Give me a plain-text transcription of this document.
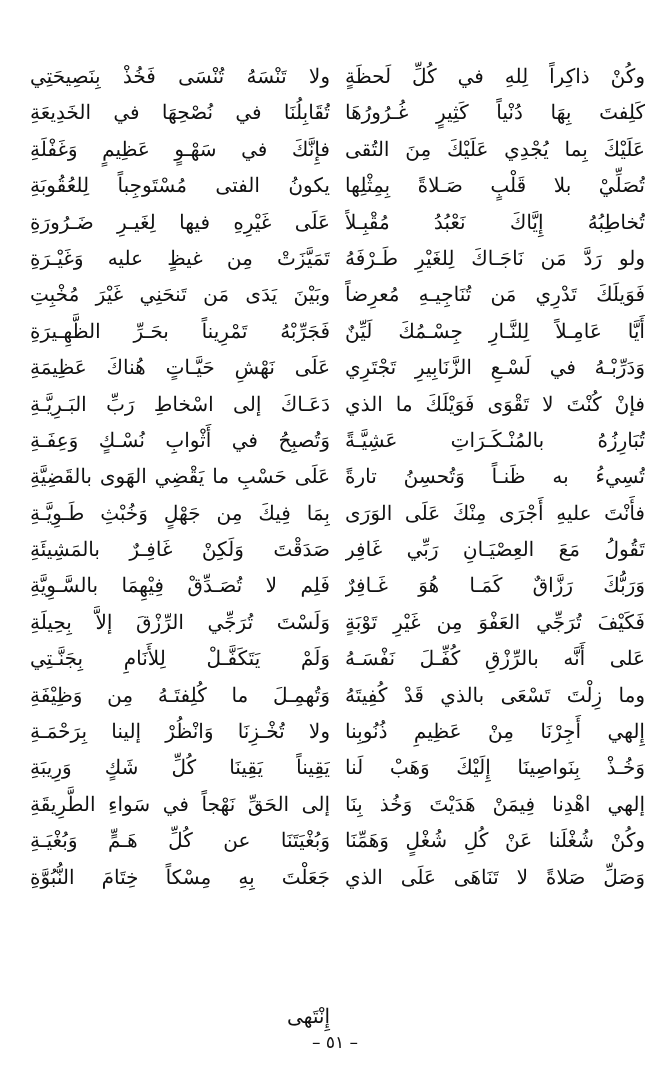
وكُنْ ذاكِراً لِلهِ في كُلِّ لَحظَةٍ
كَلِفتَ بِهَا دُنْياً كَثِيرٍ غُـرُورُهَا
عَلَيْكَ بِما يُجْدِي عَلَيْكَ مِنَ التُقى
تُصَلِّيْ بلا قَلْبٍ صَـلاةً بِمِثْلِها
تُخاطِبُهُ إِيَّاكَ نَعْبُدُ مُقْبِـلاً
ولو رَدَّ مَن نَاجَـاكَ لِلغَيْرِ طَـرْفَهُ
فَوَيلَكَ تَدْرِي مَن تُنَاجِيـهِ مُعرِضاً
أَيَّا عَامِـلاً لِلنَّـارِ جِسْـمُكَ لَيِّنٌ
وَدَرِّبْـهُ في لَسْـعِ الزَّنَابِيرِ تَجْتَرِي
فإنْ كُنْتَ لا تَقْوَى فَوَيْلَكَ ما الذي
تُبَارِزُهُ بالمُنْـكَـرَاتِ عَشِيَّـةً
تُسِيءُ به ظَنـاً وَتُحسِنُ تارةً
فأَنْتَ عليهِ أَجْرَى مِنْكَ عَلَى الوَرَى
تَقُولُ مَعَ العِصْيَـانِ رَبِّي غَافِر
وَرَبُّكَ رَزَّاقٌ كَمَـا هُوَ غَـافِرٌ
فَكَيْفَ تُرَجِّي العَفْوَ مِن غَيْرِ تَوْبَةٍ
عَلى أَنَّه بالرِّزْقِ كُفِّـلَ نَفْسَـهُ
وما زِلْتَ تَسْعَى بالذي قَدْ كُفِيتَهُ
إِلهي أَجِرْنَا مِنْ عَظِيمِ ذُنُوبِنا
وَخُـذْ بِنَواصِينَا إِلَيْكَ وَهَبْ لَنا
إلهي اهْدِنا فِيمَنْ هَدَيْتَ وَخُذ بِنَا
وكُنْ شُغْلَنا عَنْ كُلِ شُغْلٍ وَهَمِّنَا
وَصَلِّ صَلاةً لا تَنَاهَى عَلَى الذي
ولا تَنْسَهُ تُنْسَى فَخُذْ بِنَصِيحَتِي
تُقَابِلُنَا في نُصْحِهَا في الخَدِيعَةِ
فإِنَّكَ في سَهْـوٍ عَظِيمٍ وَغَفْلَةِ
يكونُ الفتى مُسْتَوجِباً لِلعُقُوبَةِ
عَلَى غَيْرِهِ فيها لِغَيـرِ ضَـرُورَةِ
تَمَيَّزَتْ مِن غيظٍ عليه وَغَيْـرَةِ
وبَيْنَ يَدَى مَن تَنحَنِي غَيْرَ مُخْبِتِ
فَجَرِّبْهُ تَمْرِيناً بحَـرِّ الظَّهِـيرَةِ
عَلَى نَهْشِ حَيَّـاتٍ هُناكَ عَظِيمَةِ
دَعَـاكَ إلى اسْخاطِ رَبِّ البَـرِيَّـةِ
وَتُصبِحُ في أَثْوابِ نُسْـكٍ وَعِفَـةِ
عَلَى حَسْبِ ما يَقْضِي الهَوى بالقَضِيَّةِ
بِمَا فِيكَ مِن جَهْلٍ وَخُبْثِ طَـوِيَّـةِ
صَدَقْتَ وَلَكِنْ غَافِـرٌ بالمَشِيئَةِ
فَلِم لا تُصَـدِّقْ فِيْهِمَا بالسَّـوِيَّةِ
وَلَسْتَ تُرَجِّي الرِّزْقَ إلاَّ بِحِيلَةِ
وَلَمْ يَتَكَفَّـلْ لِلأَنَامِ بِجَنَّـتِي
وَتُهمِـلَ ما كُلِفتَـهُ مِن وَظِيْفَةِ
ولا تُخْـزِنَا وَانْظُرْ إلينا بِرَحْمَـةِ
يَقِيناً يَقِينَا كُلِّ شَكٍ وَرِيبَةِ
إلى الحَقِّ نَهْجاً في سَواءِ الطَّرِيقَةِ
وَبُغْيَتَنَا عن كُلِّ هَـمٍّ وَبُغْيَـةِ
جَعَلْتَ بِهِ مِسْكاً خِتَامَ النُّبُوَّةِ
إِنْتَهى
– ٥١ –
